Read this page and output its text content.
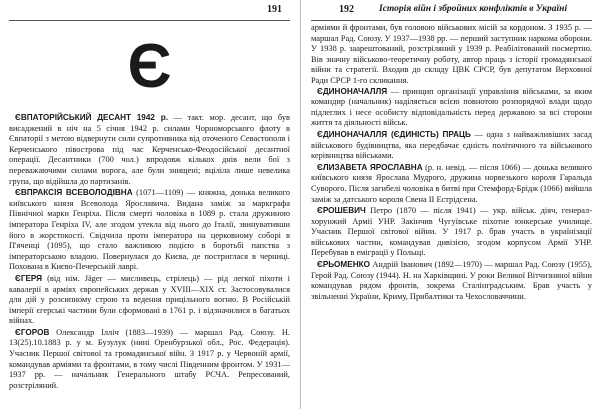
191
Є

ЄВПАТОРІЙСЬКИЙ ДЕСАНТ 1942 р. — такт. мор. десант, що був висаджений в ніч на 5 січня 1942 р. силами Чорноморського флоту в Євпаторії з метою відвернути сили супротивника від оточеного Севастополя і Керченського півострова під час Керченсько-Феодосійської десантної операції. Десантники (700 чол.) впродовж кількох днів вели бої з переважаючими силами ворога, але були знищені; вціліла лише невелика група, що відійшла до партизанів.

ЄВПРАКСІЯ ВСЕВОЛОДІВНА (1071—1109) — княжна, донька великого київського князя Всеволода Ярославича. Видана заміж за маркграфа Північної марки Генріха. Після смерті чоловіка в 1089 р. стала дружиною імператора Генріха IV, але згодом утекла від нього до Італії, звинувативши його в жорстокості. Свідчила проти імператора на церковному соборі в П'яченці (1095), що стало важливою подією в боротьбі папства з імператорською владою. Повернулася до Києва, де постриглася в черниці. Похована в Києво-Печерській лаврі.

ЄГЕРЯ (від нім. Jäger — мисливець, стрілець) — рід легкої піхоти і кавалерії в арміях європейських держав у XVIII—XIX ст. Застосовувалися для дій у розсипному строю та ведення прицільного вогню. В Російській імперії єгерські частини були сформовані в 1761 р. і відзначилися в багатьох війнах.

ЄГОРОВ Олександр Ілліч (1883—1939) — маршал Рад. Союзу. Н. 13(25).10.1883 р. у м. Бузулук (нині Оренбурзької обл., Рос. Федерація). Учасник Першої світової та громадянської війн. З 1917 р. у Червоній армії, командував арміями та фронтами, в тому числі Південним фронтом. У 1931—1937 рр. — начальник Генерального штабу РСЧА. Репресований, розстріляний.

192	Історія війн і збройних конфліктів в Україні

арміями й фронтами, був головою військових місій за кордоном. З 1935 р. — маршал Рад. Союзу. У 1937—1938 рр. — перший заступник наркома оборони. У 1938 р. заарештований, розстріляний у 1939 р. Реабілітований посмертно. Вів значну військово-теоретичну роботу, автор праць з історії громадянської війни та стратегії. Входив до складу ЦВК СРСР, був депутатом Верховної Ради СРСР 1-го скликання.

ЄДИНОНАЧАЛЛЯ — принцип організації управління військами, за яким командир (начальник) наділяється всією повнотою розпорядчої влади щодо підлеглих і несе особисту відповідальність перед державою за всі сторони життя та діяльності військ.

ЄДИНОНАЧАЛЛЯ (ЄДИНІСТЬ) ПРАЦЬ — одна з найважливіших засад військового будівництва, яка передбачає єдність політичного та військового керівництва військами.

ЄЛИЗАВЕТА ЯРОСЛАВНА (р. н. невід. — після 1066) — донька великого київського князя Ярослава Мудрого, дружина норвезького короля Гаральда Суворого. Після загибелі чоловіка в битві при Стемфорд-Брідж (1066) вийшла заміж за датського короля Свена II Естрідсена.

ЄРОШЕВИЧ Петро (1870 — після 1941) — укр. військ. діяч, генерал-хорунжий Армії УНР. Закінчив Чугуївське піхотне юнкерське училище. Учасник Першої світової війни. У 1917 р. брав участь в українізації військових частин, командував дивізією, згодом корпусом Армії УНР. Перебував в еміграції у Польщі.

ЄРЬОМЕНКО Андрій Іванович (1892—1970) — маршал Рад. Союзу (1955), Герой Рад. Союзу (1944). Н. на Харківщині. У роки Великої Вітчизняної війни командував рядом фронтів, зокрема Сталінградським. Брав участь у звільненні України, Криму, Прибалтики та Чехословаччини.
